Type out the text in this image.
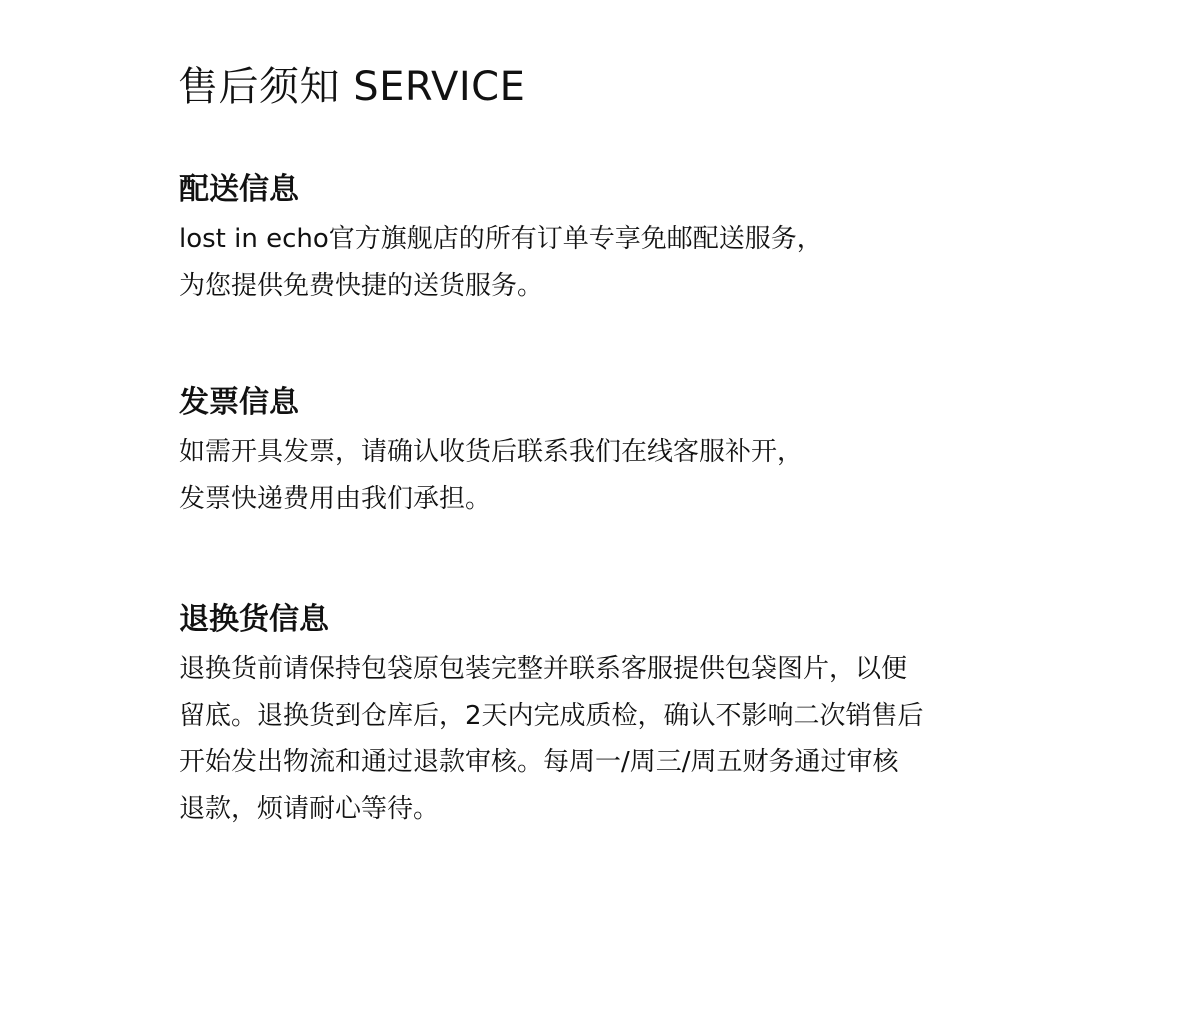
售后须知 SERVICE
配送信息

lost in echo官方旗舰店的所有订单专享免邮配送服务，

为您提供免费快捷的送货服务。

发票信息

如需开具发票，请确认收货后联系我们在线客服补开，

发票快递费用由我们承担。

退换货信息

退换货前请保持包袋原包装完整并联系客服提供包袋图片，以便

留底。退换货到仓库后，2天内完成质检，确认不影响二次销售后

开始发出物流和通过退款审核。每周一/周三/周五财务通过审核

退款，烦请耐心等待。
